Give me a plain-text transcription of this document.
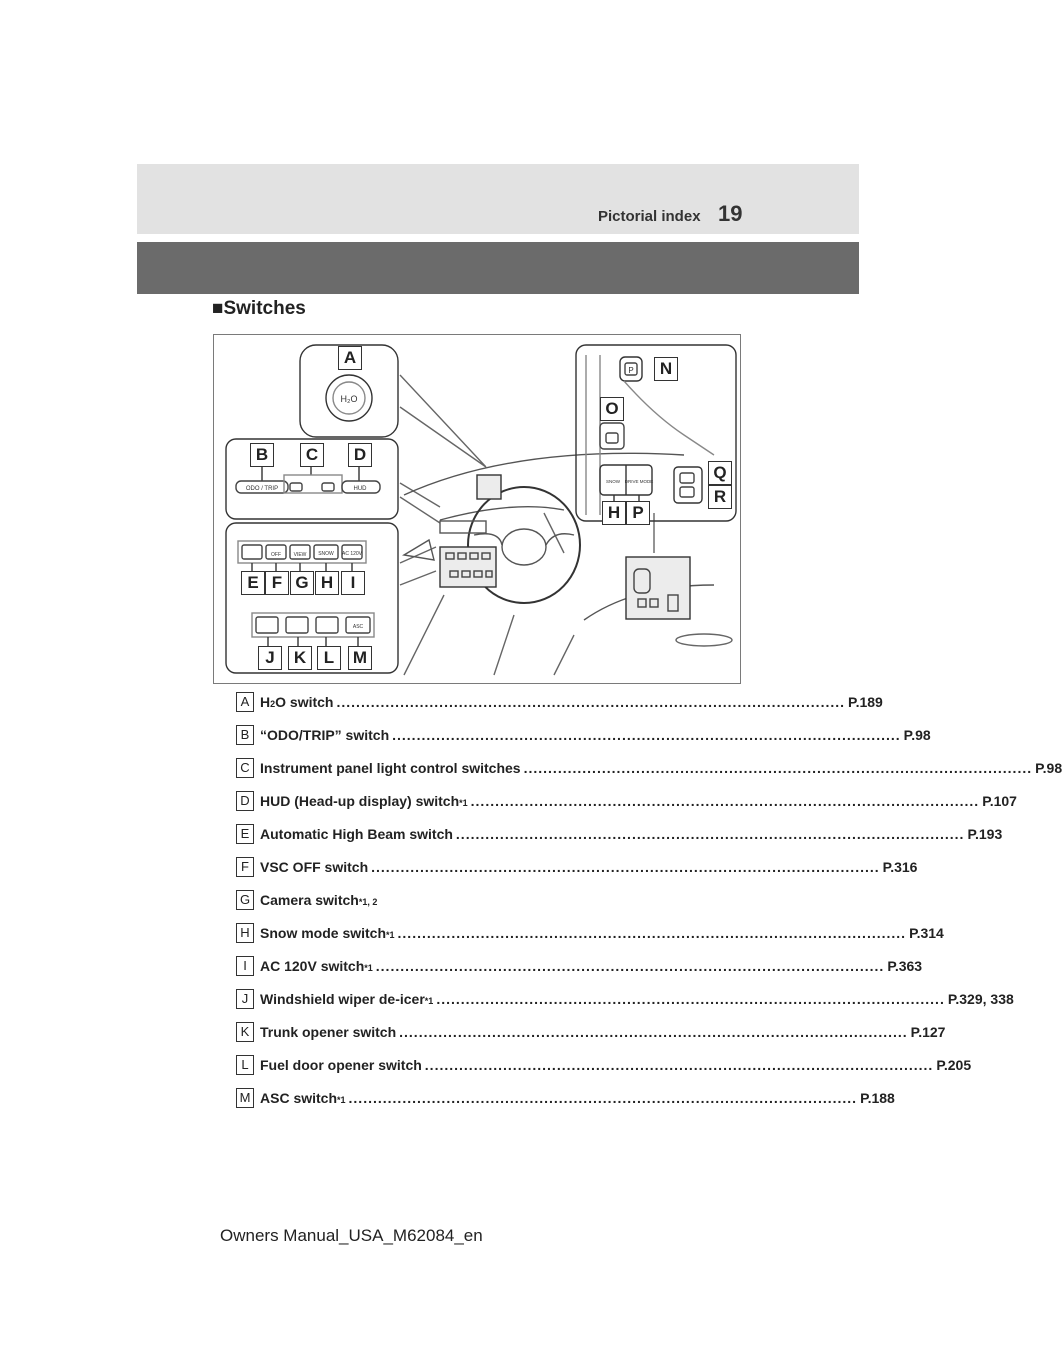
Pictorial index 19
■Switches
H₂O
ODO / TRIP	HUD
OFF	VIEW SNOW AC 120V
ASC
P
SNOW DRIVE MODE
A
B	C	D
E F G H	I
J	K	L	M
N
O
P
H
Q
R
A H 2 O switch ........................................................................................................ P.189
B “ODO/TRIP” switch ........................................................................................................ P.98
C Instrument panel light control switches ........................................................................................................ P.98
D HUD (Head-up display) switch *1 ........................................................................................................ P.107
E Automatic High Beam switch ........................................................................................................ P.193
F VSC OFF switch ........................................................................................................ P.316
G Camera switch *1, 2
H Snow mode switch *1 ........................................................................................................ P.314
I AC 120V switch *1 ........................................................................................................ P.363
J Windshield wiper de-icer *1 ........................................................................................................ P.329, 338
K Trunk opener switch ........................................................................................................ P.127
L Fuel door opener switch ........................................................................................................ P.205
M ASC switch *1 ........................................................................................................ P.188
Owners Manual_USA_M62084_en
